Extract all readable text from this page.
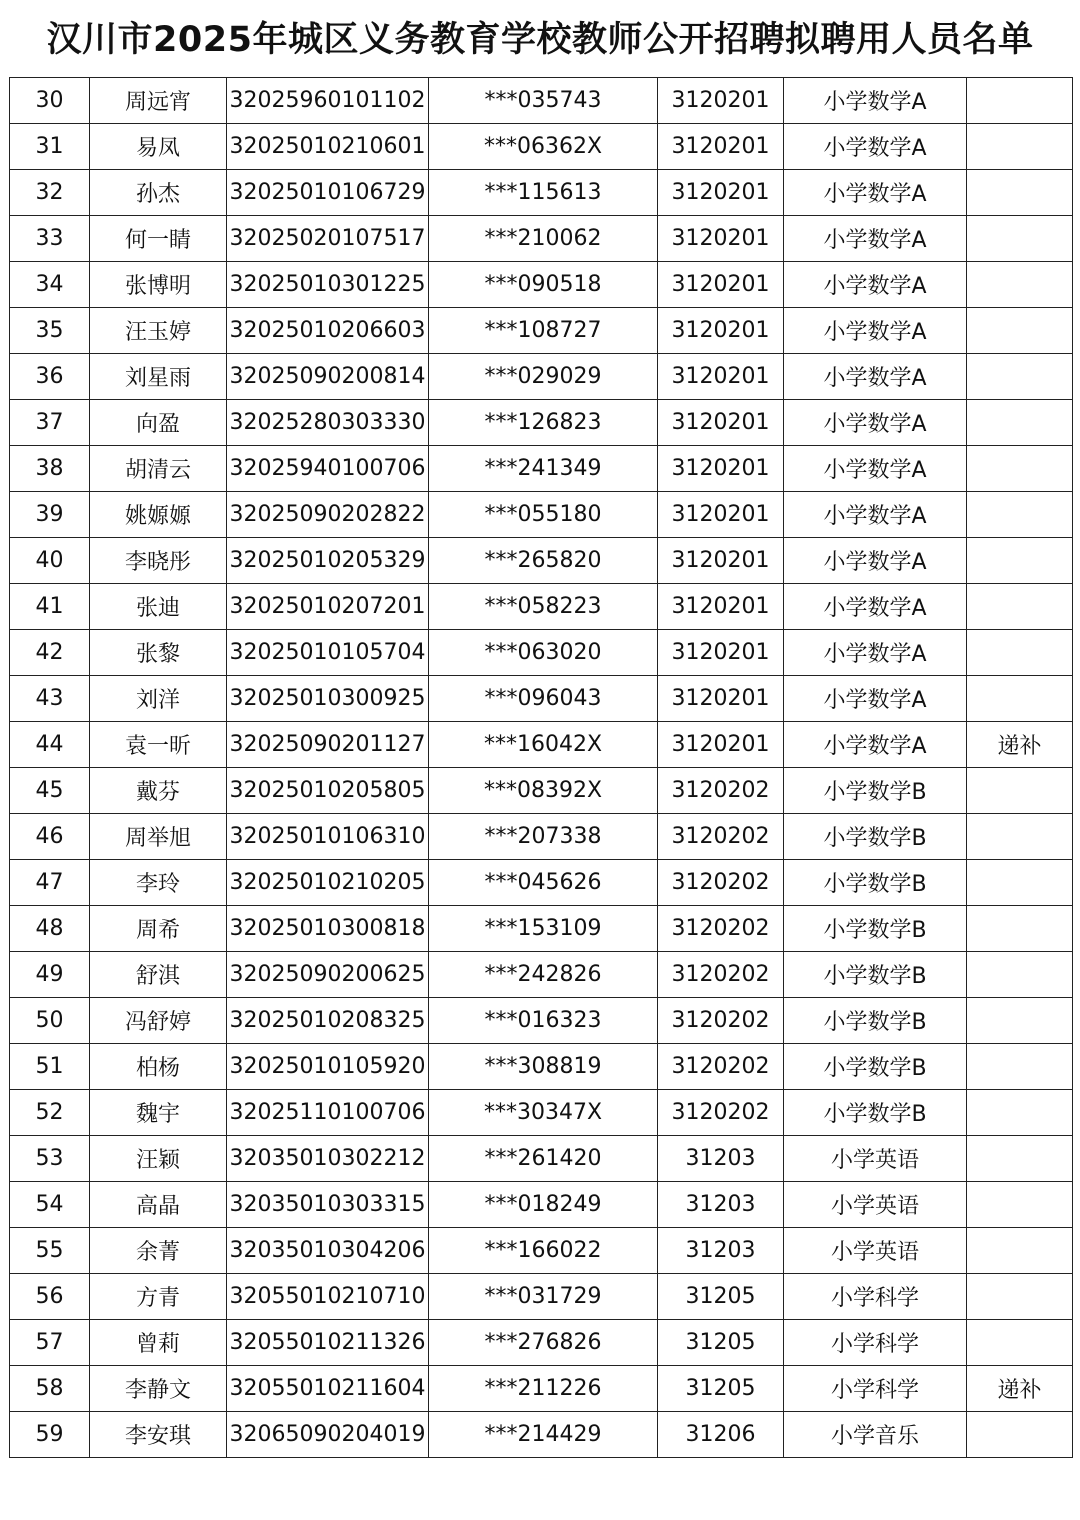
汉川市2025年城区义务教育学校教师公开招聘拟聘用人员名单
30	周远宵	32025960101102	***035743	3120201	小学数学A	
31	易凤	32025010210601	***06362X	3120201	小学数学A	
32	孙杰	32025010106729	***115613	3120201	小学数学A	
33	何一睛	32025020107517	***210062	3120201	小学数学A	
34	张博明	32025010301225	***090518	3120201	小学数学A	
35	汪玉婷	32025010206603	***108727	3120201	小学数学A	
36	刘星雨	32025090200814	***029029	3120201	小学数学A	
37	向盈	32025280303330	***126823	3120201	小学数学A	
38	胡清云	32025940100706	***241349	3120201	小学数学A	
39	姚嫄嫄	32025090202822	***055180	3120201	小学数学A	
40	李晓彤	32025010205329	***265820	3120201	小学数学A	
41	张迪	32025010207201	***058223	3120201	小学数学A	
42	张黎	32025010105704	***063020	3120201	小学数学A	
43	刘洋	32025010300925	***096043	3120201	小学数学A	
44	袁一昕	32025090201127	***16042X	3120201	小学数学A	递补
45	戴芬	32025010205805	***08392X	3120202	小学数学B	
46	周举旭	32025010106310	***207338	3120202	小学数学B	
47	李玲	32025010210205	***045626	3120202	小学数学B	
48	周希	32025010300818	***153109	3120202	小学数学B	
49	舒淇	32025090200625	***242826	3120202	小学数学B	
50	冯舒婷	32025010208325	***016323	3120202	小学数学B	
51	柏杨	32025010105920	***308819	3120202	小学数学B	
52	魏宇	32025110100706	***30347X	3120202	小学数学B	
53	汪颖	32035010302212	***261420	31203	小学英语	
54	高晶	32035010303315	***018249	31203	小学英语	
55	余菁	32035010304206	***166022	31203	小学英语	
56	方青	32055010210710	***031729	31205	小学科学	
57	曾莉	32055010211326	***276826	31205	小学科学	
58	李静文	32055010211604	***211226	31205	小学科学	递补
59	李安琪	32065090204019	***214429	31206	小学音乐	
